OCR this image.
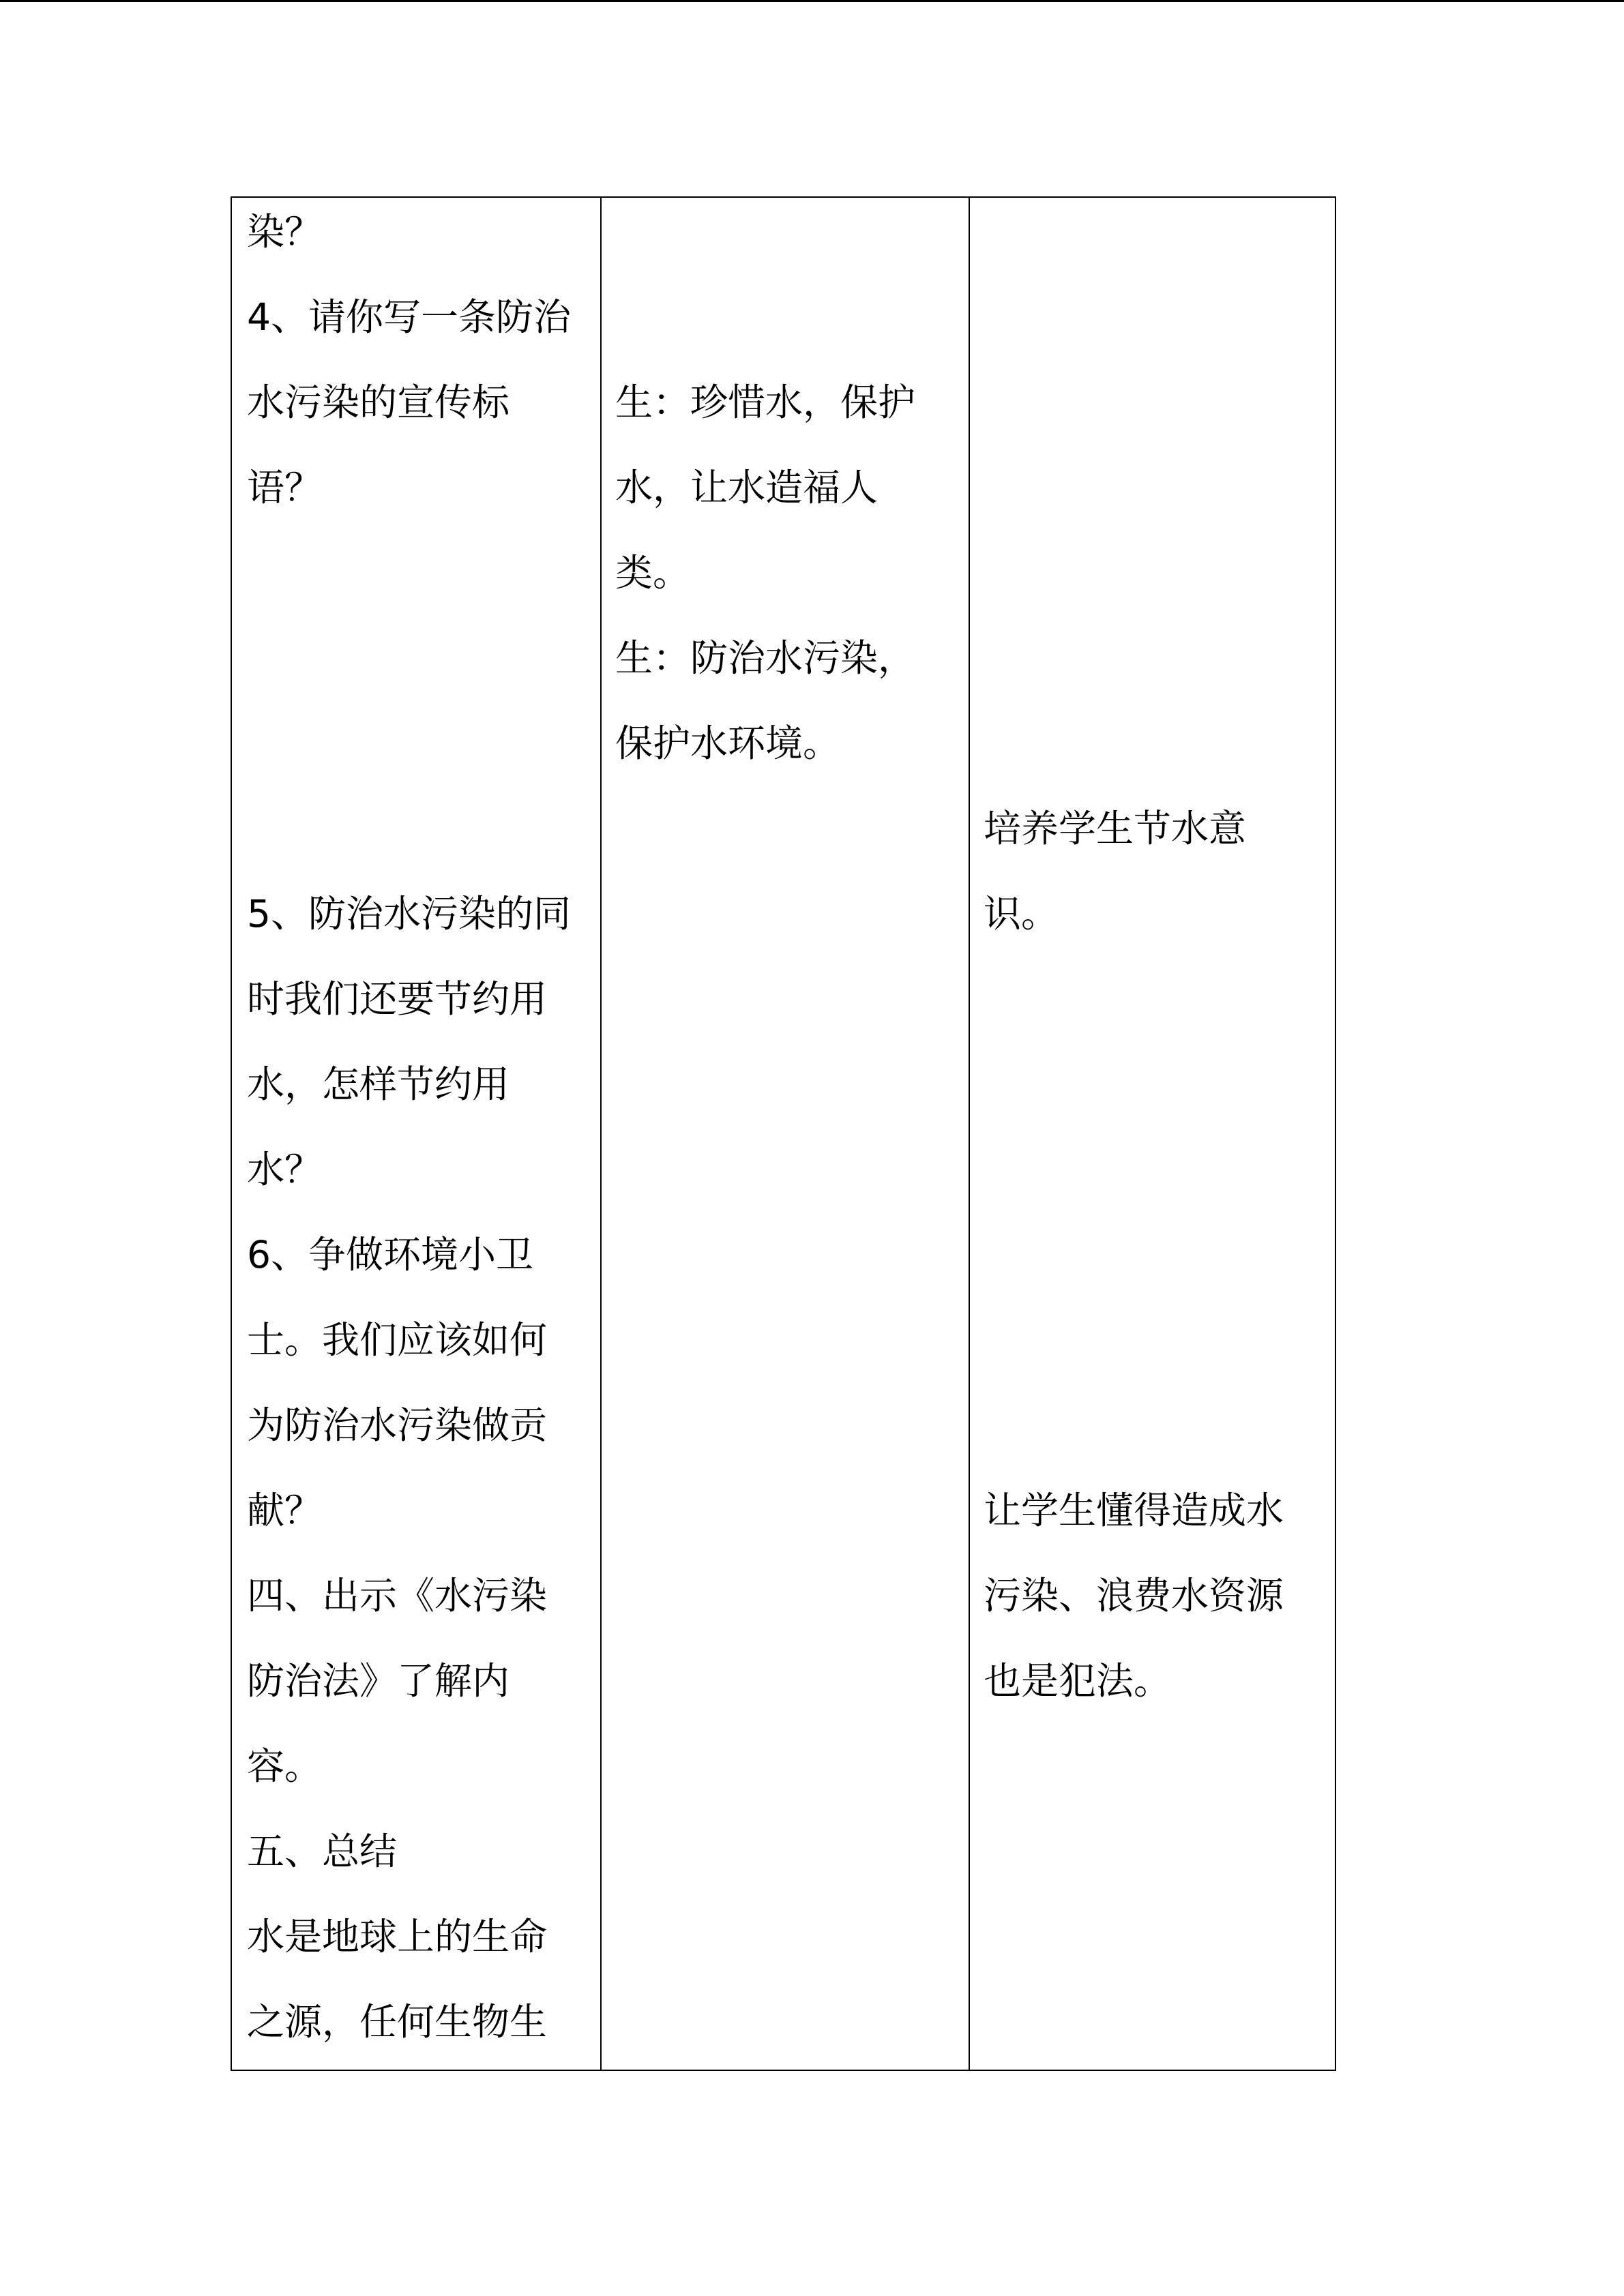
染？
4、请你写一条防治
水污染的宣传标
语？
5、防治水污染的同
时我们还要节约用
水，怎样节约用
水？
6、争做环境小卫
士。我们应该如何
为防治水污染做贡
献？
四、出示《水污染
防治法》了解内
容。
五、总结
水是地球上的生命
之源，任何生物生
生：珍惜水，保护
水，让水造福人
类。
生：防治水污染，
保护水环境。
培养学生节水意
识。
让学生懂得造成水
污染、浪费水资源
也是犯法。
